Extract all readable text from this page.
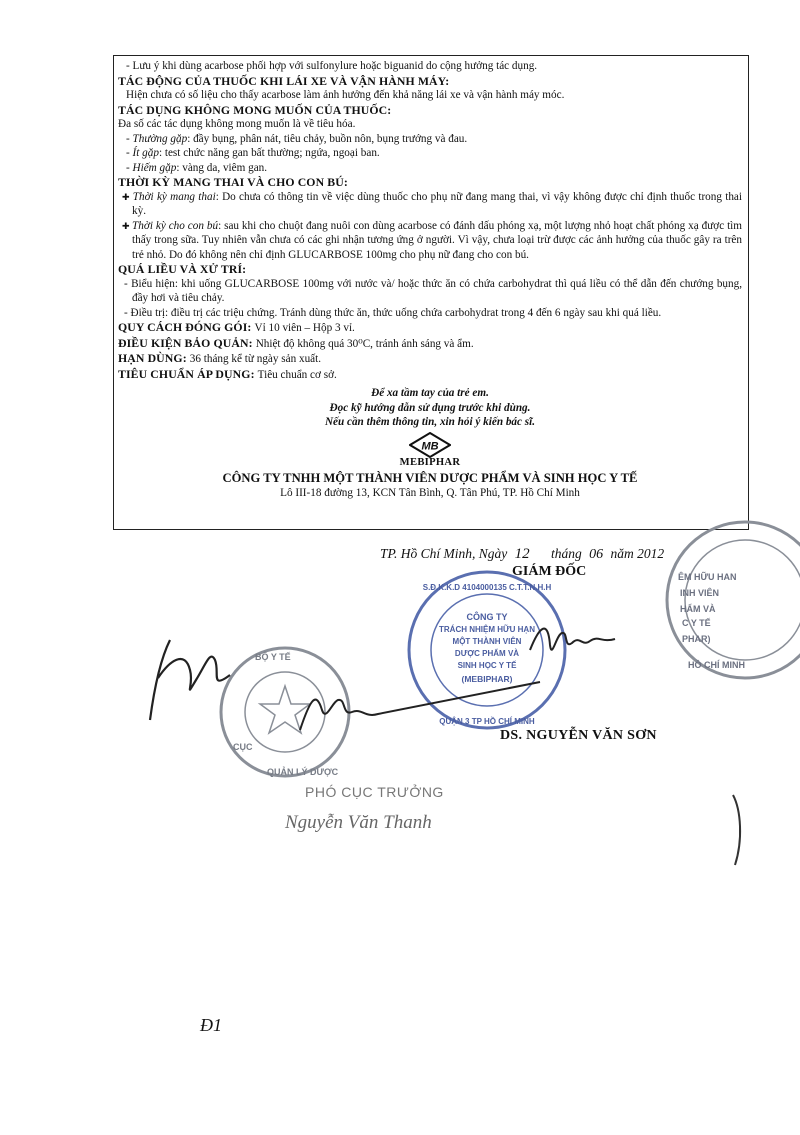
- Lưu ý khi dùng acarbose phối hợp với sulfonylure hoặc biguanid do cộng hưởng tác dụng.
TÁC ĐỘNG CỦA THUỐC KHI LÁI XE VÀ VẬN HÀNH MÁY:
Hiện chưa có số liệu cho thấy acarbose làm ảnh hưởng đến khả năng lái xe và vận hành máy móc.
TÁC DỤNG KHÔNG MONG MUỐN CỦA THUỐC:
Đa số các tác dụng không mong muốn là về tiêu hóa.
- Thường gặp: đầy bụng, phân nát, tiêu chảy, buồn nôn, bụng trướng và đau.
- Ít gặp: test chức năng gan bất thường; ngứa, ngoại ban.
- Hiếm gặp: vàng da, viêm gan.
THỜI KỲ MANG THAI VÀ CHO CON BÚ:
✚ Thời kỳ mang thai: Do chưa có thông tin về việc dùng thuốc cho phụ nữ đang mang thai, vì vậy không được chỉ định thuốc trong thai kỳ.
✚ Thời kỳ cho con bú: sau khi cho chuột đang nuôi con dùng acarbose có đánh dấu phóng xạ, một lượng nhỏ hoạt chất phóng xạ được tìm thấy trong sữa. Tuy nhiên vẫn chưa có các ghi nhận tương ứng ở người. Vì vậy, chưa loại trừ được các ảnh hưởng của thuốc gây ra trên trẻ nhỏ. Do đó không nên chỉ định GLUCARBOSE 100mg cho phụ nữ đang cho con bú.
QUÁ LIỀU VÀ XỬ TRÍ:
- Biểu hiện: khi uống GLUCARBOSE 100mg với nước và/ hoặc thức ăn có chứa carbohydrat thì quá liều có thể dẫn đến chướng bụng, đầy hơi và tiêu chảy.
- Điều trị: điều trị các triệu chứng. Tránh dùng thức ăn, thức uống chứa carbohydrat trong 4 đến 6 ngày sau khi quá liều.
QUY CÁCH ĐÓNG GÓI: Vỉ 10 viên – Hộp 3 vỉ.
ĐIỀU KIỆN BẢO QUẢN: Nhiệt độ không quá 30⁰C, tránh ánh sáng và ẩm.
HẠN DÙNG: 36 tháng kể từ ngày sản xuất.
TIÊU CHUẨN ÁP DỤNG: Tiêu chuẩn cơ sở.
Để xa tầm tay của trẻ em.
Đọc kỹ hướng dẫn sử dụng trước khi dùng.
Nếu cần thêm thông tin, xin hỏi ý kiến bác sĩ.
MB
MEBIPHAR
CÔNG TY TNHH MỘT THÀNH VIÊN DƯỢC PHẨM VÀ SINH HỌC Y TẾ
Lô III-18 đường 13, KCN Tân Bình, Q. Tân Phú, TP. Hồ Chí Minh
TP. Hồ Chí Minh, Ngày 12 tháng 06 năm 2012
GIÁM ĐỐC	ÊM HỮU HAN
INH VIÊN
HẨM VÀ
C Y TẾ
PHAR)
HỒ CHÍ MINH
CÔNG TY
TRÁCH NHIỆM HỮU HẠN
MỘT THÀNH VIÊN
DƯỢC PHẨM VÀ
SINH HỌC Y TẾ
(MEBIPHAR)
QUẬN 3 TP HỒ CHÍ MINH
S.Đ.K.K.D 4104000135 C.T.T.N.H.H
DS. NGUYỄN VĂN SƠN
BỘ Y TẾ
CỤC
QUẢN LÝ DƯỢC
PHÓ CỤC TRƯỞNG
Nguyễn Văn Thanh
Đ1
